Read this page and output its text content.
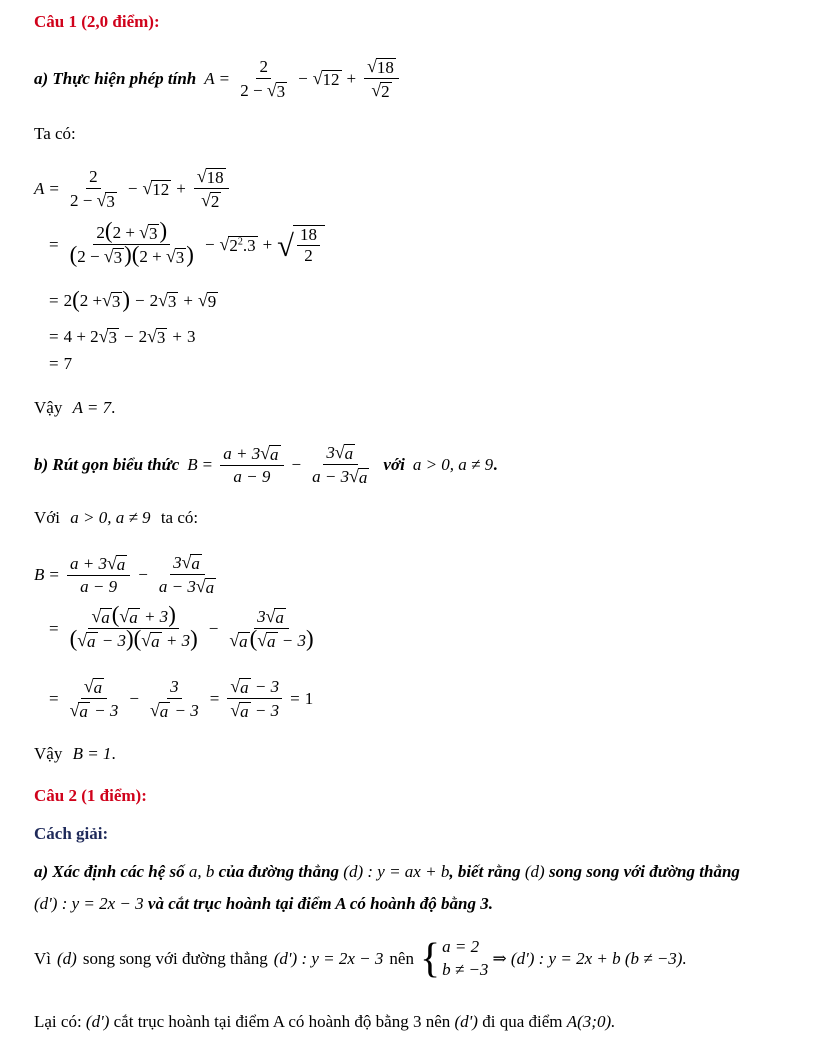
Câu 1 (2,0 điểm):
a) Thực hiện phép tính $A = \frac{2}{2 - √ 3}$ − √ $12 + \frac{√ 18}{√ 2}$
Ta có:
$A = \frac{2}{2 - √ 3}$ − √ $12 + \frac{√ 18}{√ 2}$
= $\frac{2(2 + √ 3 )}{(2 - √ 3 )(2 + √ 3 )}$ − √ $2^2.3$ + √ $\frac{18}{2}$
= 2 ( 2 + √ 3 ) − 2 √ 3 + √ 9
= 4 + 2 √ 3 − 2 √ 3 + 3
= 7
Vậy A = 7.
b) Rút gọn biểu thức $B = \frac{a + 3 √ a}{a - 9} - \frac{3 √ a}{a - 3 √ a}$ với a > 0, a ≠ 9 .
Với a > 0, a ≠ 9 ta có:
$B = \frac{a + 3 √ a}{a - 9} - \frac{3 √ a}{a - 3 √ a}$
= $\frac{√ a ( √ a + 3)}{( √ a - 3)( √ a + 3)} - \frac{3 √ a}{√ a ( √ a - 3)}$
= $\frac{√ a}{√ a - 3} - \frac{3}{√ a - 3} = \frac{√ a - 3}{√ a - 3} = 1$
Vậy B = 1.
Câu 2 (1 điểm):
Cách giải:
a) Xác định các hệ số a, b của đường thẳng (d) : y = ax + b, biết rằng (d) song song với đường thẳng
(d') : y = 2x − 3 và cắt trục hoành tại điểm A có hoành độ bằng 3.
Vì (d) song song với đường thẳng (d') : y = 2x − 3 nên { a = 2
b ≠ −3
⇒ (d') : y = 2x + b (b ≠ −3).
Lại có: (d') cắt trục hoành tại điểm A có hoành độ bằng 3 nên (d') đi qua điểm A(3;0).
